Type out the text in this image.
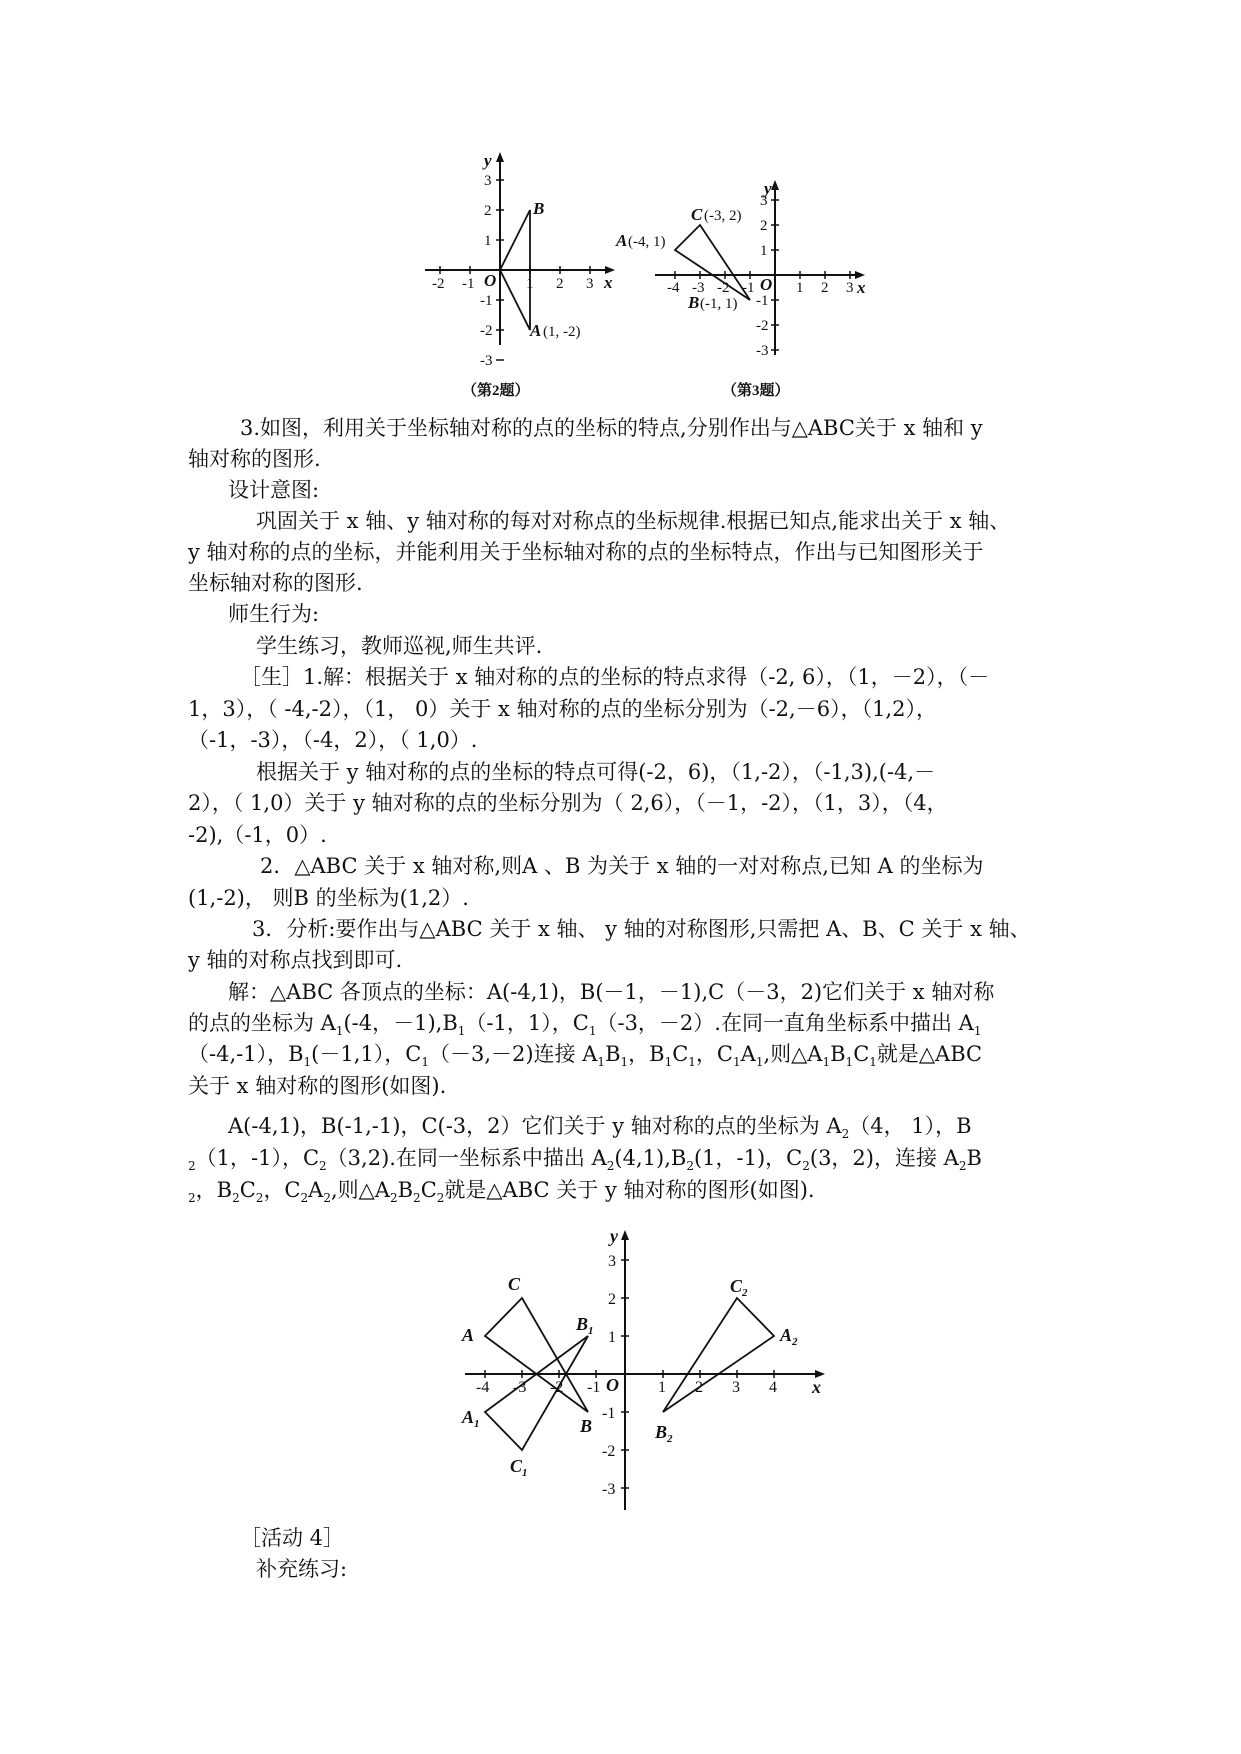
x
y
O
-2 -1	1 2 3
3
2
1
-1
-2
-3
B
A (1, -2)
（第2题）
x
y
O
-4 -3 -2 -1	1 2 3
3
2
1
-1
-2
-3
C (-3, 2)
A (-4, 1)
B (-1, 1)
（第3题）
3.如图，利用关于坐标轴对称的点的坐标的特点,分别作出与△ABC关于 x 轴和 y
轴对称的图形.
设计意图:
巩固关于 x 轴、y 轴对称的每对对称点的坐标规律.根据已知点,能求出关于 x 轴、
y 轴对称的点的坐标，并能利用关于坐标轴对称的点的坐标特点，作出与已知图形关于
坐标轴对称的图形.
师生行为:
学生练习，教师巡视,师生共评.
［生］1.解：根据关于 x 轴对称的点的坐标的特点求得（-2, 6），（1，－2），（－
1，3），（ -4,-2），（1， 0）关于 x 轴对称的点的坐标分别为（-2,－6），（1,2），
（-1，-3），（-4，2），（ 1,0）.
根据关于 y 轴对称的点的坐标的特点可得(-2，6)，（1,-2），（-1,3),(-4,－
2），（ 1,0）关于 y 轴对称的点的坐标分别为（ 2,6），（－1，-2），（1，3），（4，
-2),（-1，0）.
2．△ABC 关于 x 轴对称,则A 、B 为关于 x 轴的一对对称点,已知 A 的坐标为
(1,-2)， 则B 的坐标为(1,2）.
3．分析:要作出与△ABC 关于 x 轴、 y 轴的对称图形,只需把 A、B、C 关于 x 轴、
y 轴的对称点找到即可.
解：△ABC 各顶点的坐标：A(-4,1)，B(－1，－1),C（－3，2)它们关于 x 轴对称
的点的坐标为 $A_1(-4$，$-1),B_1(-1$，1），$C_1(-3$，－2）.在同一直角坐标系中描出 $A_1$
（-4,-1），$B_1(-1,1)$，$C_1(-3,-2)$连接 $A_1B_1$，$B_1C_1$，$C_1A_1$,则$\triangle A_1B_1C_1$就是△ABC
关于 x 轴对称的图形(如图).
A(-4,1)，B(-1,-1)，C(-3，2）它们关于 y 轴对称的点的坐标为 $A_2(4$， 1），B
$_2$（1，-1），$C_2(3,2)$.在同一坐标系中描出 $A_2(4,1),B_2(1$，-1)，$C_2(3$，2)，连接 $A_2B$
$_2$，$B_2C_2$，$C_2A_2$,则$\triangle A_2B_2C_2$就是△ABC 关于 y 轴对称的图形(如图).
x
y
O
-4 -3 -2 -1	1 2 3 4
3
2
1
-1
-2
-3
A
C
B
$A_1$
$B_1$
$C_1$
$A_2$
$B_2$
$C_2$
［活动 4］
补充练习:
